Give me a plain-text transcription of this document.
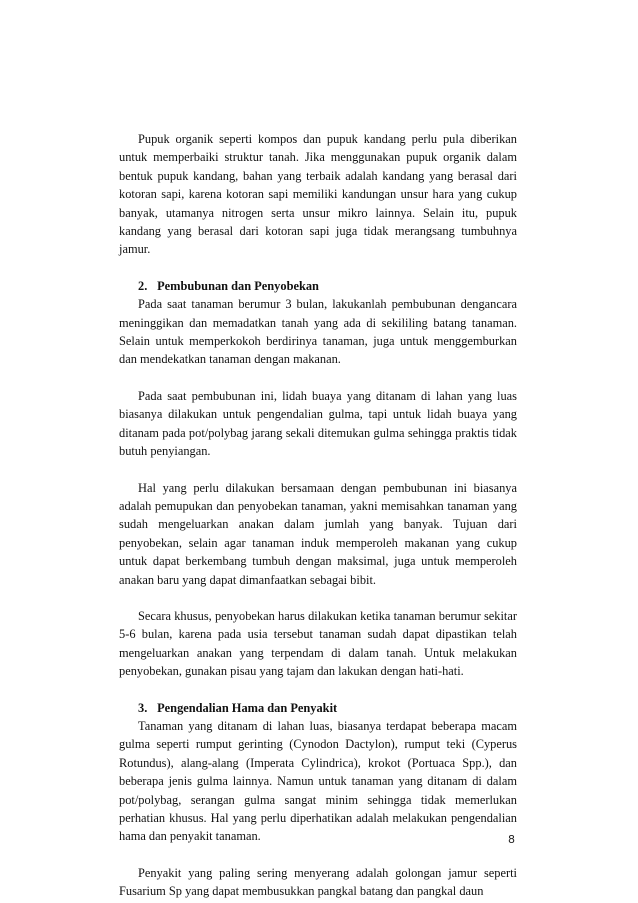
Pupuk organik seperti kompos dan pupuk kandang perlu pula diberikan untuk memperbaiki struktur tanah. Jika menggunakan pupuk organik dalam bentuk pupuk kandang, bahan yang terbaik adalah kandang yang berasal dari kotoran sapi, karena kotoran sapi memiliki kandungan unsur hara yang cukup banyak, utamanya nitrogen serta unsur mikro lainnya. Selain itu, pupuk kandang yang berasal dari kotoran sapi juga tidak merangsang tumbuhnya jamur.

2. Pembubunan dan Penyobekan

Pada saat tanaman berumur 3 bulan, lakukanlah pembubunan dengancara meninggikan dan memadatkan tanah yang ada di sekililing batang tanaman. Selain untuk memperkokoh berdirinya tanaman, juga untuk menggemburkan dan mendekatkan tanaman dengan makanan.

Pada saat pembubunan ini, lidah buaya yang ditanam di lahan yang luas biasanya dilakukan untuk pengendalian gulma, tapi untuk lidah buaya yang ditanam pada pot/polybag jarang sekali ditemukan gulma sehingga praktis tidak butuh penyiangan.

Hal yang perlu dilakukan bersamaan dengan pembubunan ini biasanya adalah pemupukan dan penyobekan tanaman, yakni memisahkan tanaman yang sudah mengeluarkan anakan dalam jumlah yang banyak. Tujuan dari penyobekan, selain agar tanaman induk memperoleh makanan yang cukup untuk dapat berkembang tumbuh dengan maksimal, juga untuk memperoleh anakan baru yang dapat dimanfaatkan sebagai bibit.

Secara khusus, penyobekan harus dilakukan ketika tanaman berumur sekitar 5-6 bulan, karena pada usia tersebut tanaman sudah dapat dipastikan telah mengeluarkan anakan yang terpendam di dalam tanah. Untuk melakukan penyobekan, gunakan pisau yang tajam dan lakukan dengan hati-hati.

3. Pengendalian Hama dan Penyakit

Tanaman yang ditanam di lahan luas, biasanya terdapat beberapa macam gulma seperti rumput gerinting (Cynodon Dactylon), rumput teki (Cyperus Rotundus), alang-alang (Imperata Cylindrica), krokot (Portuaca Spp.), dan beberapa jenis gulma lainnya. Namun untuk tanaman yang ditanam di dalam pot/polybag, serangan gulma sangat minim sehingga tidak memerlukan perhatian khusus. Hal yang perlu diperhatikan adalah melakukan pengendalian hama dan penyakit tanaman.

Penyakit yang paling sering menyerang adalah golongan jamur seperti Fusarium Sp yang dapat membusukkan pangkal batang dan pangkal daun

8
